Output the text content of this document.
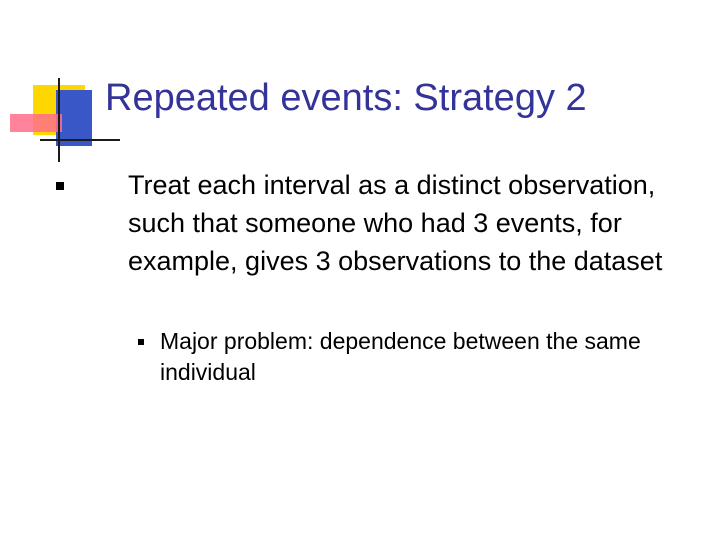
Repeated events: Strategy 2
Treat each interval as a distinct observation, such that someone who had 3 events, for example, gives 3 observations to the dataset
Major problem: dependence between the same individual
